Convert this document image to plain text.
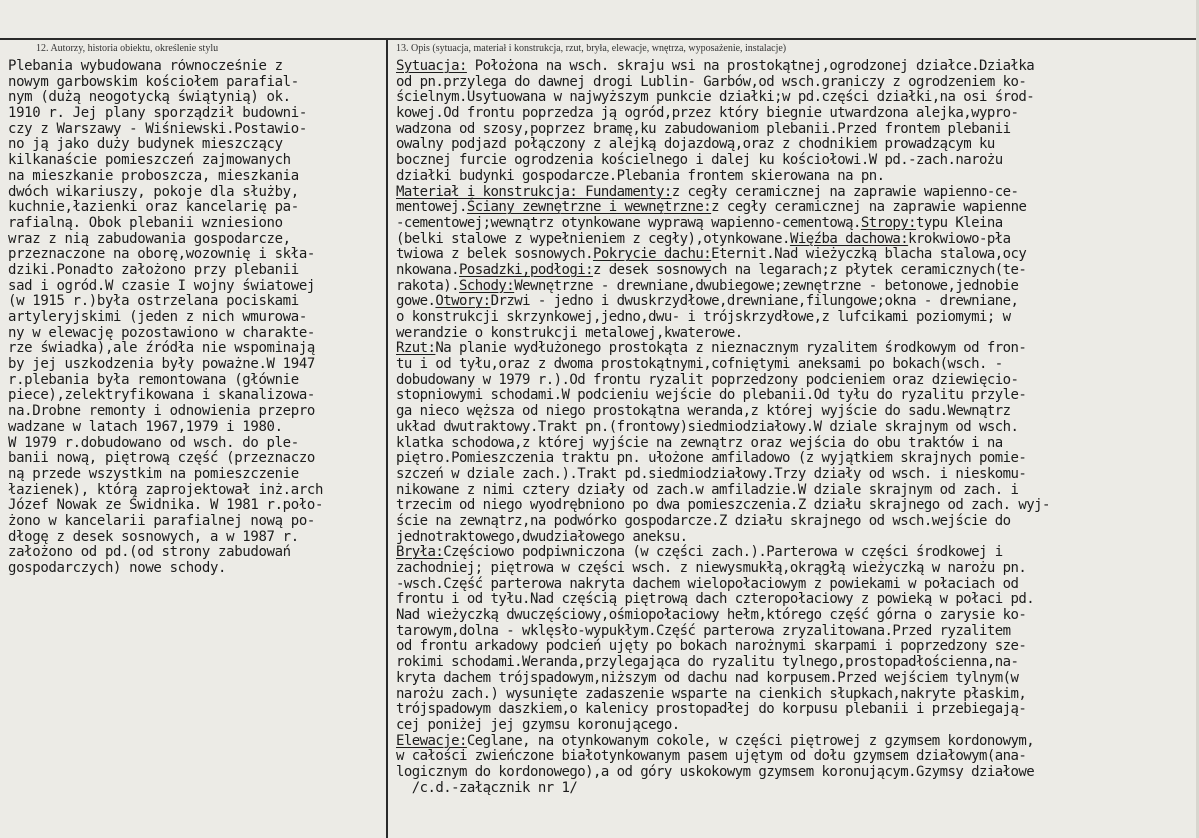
12. Autorzy, historia obiektu, określenie stylu	13. Opis (sytuacja, materiał i konstrukcja, rzut, bryła, elewacje, wnętrza, wyposażenie, instalacje)
Plebania wybudowana równocześnie z
nowym garbowskim kościołem parafial-
nym (dużą neogotycką świątynią) ok.
1910 r. Jej plany sporządził budowni-
czy z Warszawy - Wiśniewski.Postawio-
no ją jako duży budynek mieszczący
kilkanaście pomieszczeń zajmowanych
na mieszkanie proboszcza, mieszkania
dwóch wikariuszy, pokoje dla służby,
kuchnie,łazienki oraz kancelarię pa-
rafialną. Obok plebanii wzniesiono
wraz z nią zabudowania gospodarcze,
przeznaczone na oborę,wozownię i skła-
dziki.Ponadto założono przy plebanii
sad i ogród.W czasie I wojny światowej
(w 1915 r.)była ostrzelana pociskami
artyleryjskimi (jeden z nich wmurowa-
ny w elewację pozostawiono w charakte-
rze świadka),ale źródła nie wspominają
by jej uszkodzenia były poważne.W 1947
r.plebania była remontowana (głównie
piece),zelektryfikowana i skanalizowa-
na.Drobne remonty i odnowienia przepro
wadzane w latach 1967,1979 i 1980.
W 1979 r.dobudowano od wsch. do ple-
banii nową, piętrową część (przeznaczo
ną przede wszystkim na pomieszczenie
łazienek), którą zaprojektował inż.arch
Józef Nowak ze Świdnika. W 1981 r.poło-
żono w kancelarii parafialnej nową po-
dłogę z desek sosnowych, a w 1987 r.
założono od pd.(od strony zabudowań
gospodarczych) nowe schody.
Sytuacja: Położona na wsch. skraju wsi na prostokątnej,ogrodzonej działce.Działka
od pn.przylega do dawnej drogi Lublin- Garbów,od wsch.graniczy z ogrodzeniem ko-
ścielnym.Usytuowana w najwyższym punkcie działki;w pd.części działki,na osi środ-
kowej.Od frontu poprzedza ją ogród,przez który biegnie utwardzona alejka,wypro-
wadzona od szosy,poprzez bramę,ku zabudowaniom plebanii.Przed frontem plebanii
owalny podjazd połączony z alejką dojazdową,oraz z chodnikiem prowadzącym ku
bocznej furcie ogrodzenia kościelnego i dalej ku kościołowi.W pd.-zach.narożu
działki budynki gospodarcze.Plebania frontem skierowana na pn.
Materiał i konstrukcja: Fundamenty:z cegły ceramicznej na zaprawie wapienno-ce-
mentowej.Ściany zewnętrzne i wewnętrzne:z cegły ceramicznej na zaprawie wapienne
-cementowej;wewnątrz otynkowane wyprawą wapienno-cementową.Stropy:typu Kleina
(belki stalowe z wypełnieniem z cegły),otynkowane.Więźba dachowa:krokwiowo-pła
twiowa z belek sosnowych.Pokrycie dachu:Eternit.Nad wieżyczką blacha stalowa,ocy
nkowana.Posadzki,podłogi:z desek sosnowych na legarach;z płytek ceramicznych(te-
rakota).Schody:Wewnętrzne - drewniane,dwubiegowe;zewnętrzne - betonowe,jednobie
gowe.Otwory:Drzwi - jedno i dwuskrzydłowe,drewniane,filungowe;okna - drewniane,
o konstrukcji skrzynkowej,jedno,dwu- i trójskrzydłowe,z lufcikami poziomymi; w
werandzie o konstrukcji metalowej,kwaterowe.
Rzut:Na planie wydłużonego prostokąta z nieznacznym ryzalitem środkowym od fron-
tu i od tyłu,oraz z dwoma prostokątnymi,cofniętymi aneksami po bokach(wsch. -
dobudowany w 1979 r.).Od frontu ryzalit poprzedzony podcieniem oraz dziewięcio-
stopniowymi schodami.W podcieniu wejście do plebanii.Od tyłu do ryzalitu przyle-
ga nieco węższa od niego prostokątna weranda,z której wyjście do sadu.Wewnątrz
układ dwutraktowy.Trakt pn.(frontowy)siedmiodziałowy.W dziale skrajnym od wsch.
klatka schodowa,z której wyjście na zewnątrz oraz wejścia do obu traktów i na
piętro.Pomieszczenia traktu pn. ułożone amfiladowo (z wyjątkiem skrajnych pomie-
szczeń w dziale zach.).Trakt pd.siedmiodziałowy.Trzy działy od wsch. i nieskomu-
nikowane z nimi cztery działy od zach.w amfiladzie.W dziale skrajnym od zach. i
trzecim od niego wyodrębniono po dwa pomieszczenia.Z działu skrajnego od zach. wyj-
ście na zewnątrz,na podwórko gospodarcze.Z działu skrajnego od wsch.wejście do
jednotraktowego,dwudziałowego aneksu.
Bryła:Częściowo podpiwniczona (w części zach.).Parterowa w części środkowej i
zachodniej; piętrowa w części wsch. z niewysmukłą,okrągłą wieżyczką w narożu pn.
-wsch.Część parterowa nakryta dachem wielopołaciowym z powiekami w połaciach od
frontu i od tyłu.Nad częścią piętrową dach czteropołaciowy z powieką w połaci pd.
Nad wieżyczką dwuczęściowy,ośmiopołaciowy hełm,którego część górna o zarysie ko-
tarowym,dolna - wklęsło-wypukłym.Część parterowa zryzalitowana.Przed ryzalitem
od frontu arkadowy podcień ujęty po bokach narożnymi skarpami i poprzedzony sze-
rokimi schodami.Weranda,przylegająca do ryzalitu tylnego,prostopadłościenna,na-
kryta dachem trójspadowym,niższym od dachu nad korpusem.Przed wejściem tylnym(w
narożu zach.) wysunięte zadaszenie wsparte na cienkich słupkach,nakryte płaskim,
trójspadowym daszkiem,o kalenicy prostopadłej do korpusu plebanii i przebiegają-
cej poniżej jej gzymsu koronującego.
Elewacje:Ceglane, na otynkowanym cokole, w części piętrowej z gzymsem kordonowym,
w całości zwieńczone białotynkowanym pasem ujętym od dołu gzymsem działowym(ana-
logicznym do kordonowego),a od góry uskokowym gzymsem koronującym.Gzymsy działowe
/c.d.-załącznik nr 1/
